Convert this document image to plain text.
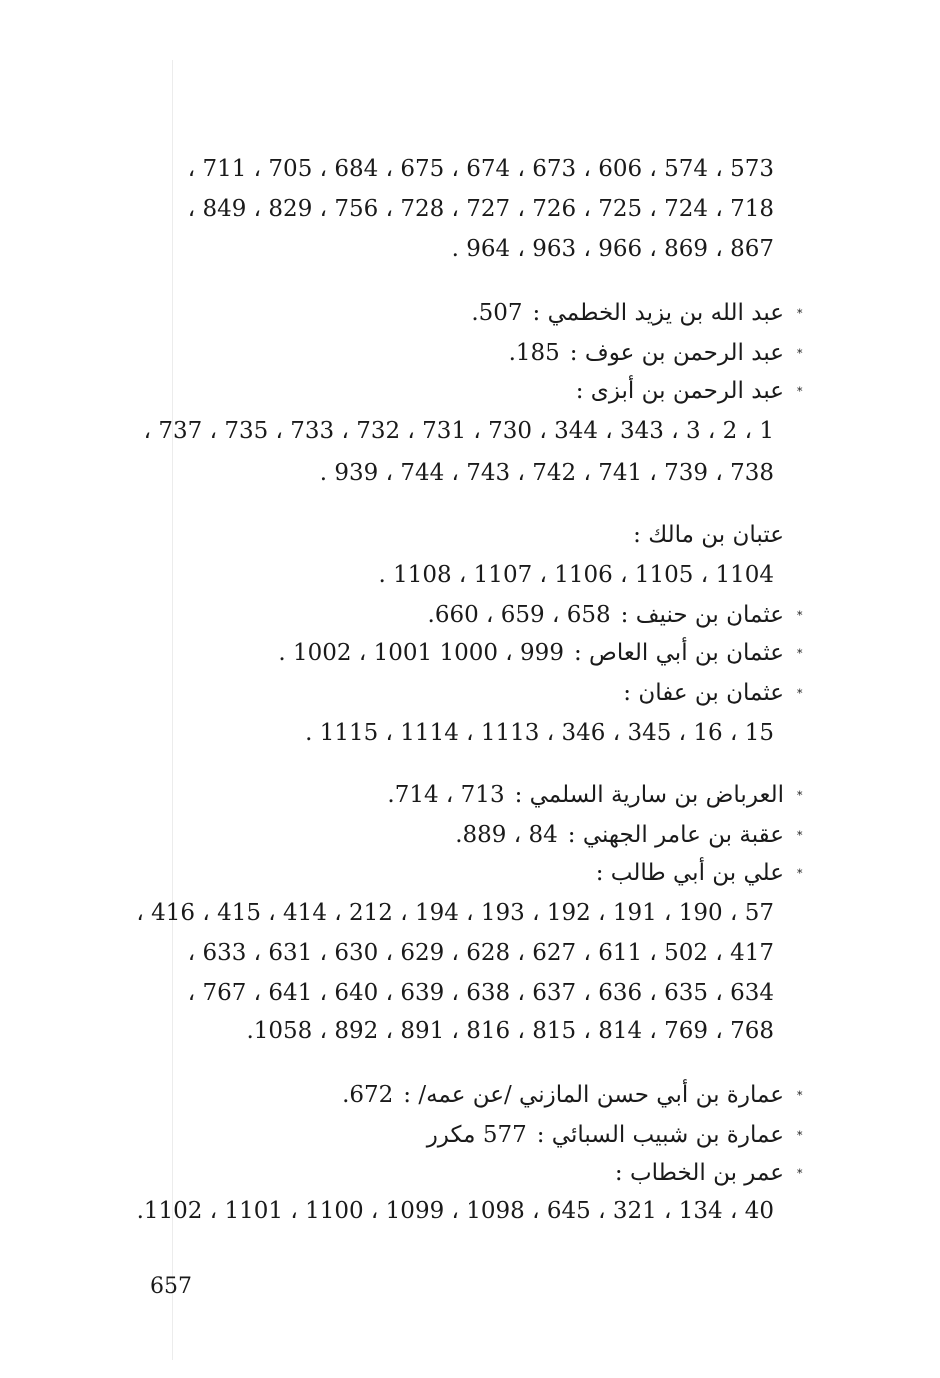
573 ، 574 ، 606 ، 673 ، 674 ، 675 ، 684 ، 705 ، 711 ،
718 ، 724 ، 725 ، 726 ، 727 ، 728 ، 756 ، 829 ، 849 ،
867 ، 869 ، 966 ، 963 ، 964 .
*عبد الله بن يزيد الخطمي :507.
*عبد الرحمن بن عوف :185.
*عبد الرحمن بن أبزى :
1 ، 2 ، 3 ، 343 ، 344 ، 730 ، 731 ، 732 ، 733 ، 735 ، 737 ،
738 ، 739 ، 741 ، 742 ، 743 ، 744 ، 939 .
عتبان بن مالك :
1104 ، 1105 ، 1106 ، 1107 ، 1108 .
*عثمان بن حنيف :658 ، 659 ، 660.
*عثمان بن أبي العاص :999 ، 1000 1001 ، 1002 .
*عثمان بن عفان :
15 ، 16 ، 345 ، 346 ، 1113 ، 1114 ، 1115 .
*العرباض بن سارية السلمي :713 ، 714.
*عقبة بن عامر الجهني :84 ، 889.
*علي بن أبي طالب :
57 ، 190 ، 191 ، 192 ، 193 ، 194 ، 212 ، 414 ، 415 ، 416 ،
417 ، 502 ، 611 ، 627 ، 628 ، 629 ، 630 ، 631 ، 633 ،
634 ، 635 ، 636 ، 637 ، 638 ، 639 ، 640 ، 641 ، 767 ،
768 ، 769 ، 814 ، 815 ، 816 ، 891 ، 892 ، 1058.
*عمارة بن أبي حسن المازني /عن عمه/ :672.
*عمارة بن شبيب السبائي :577 مكرر
*عمر بن الخطاب :
40 ، 134 ، 321 ، 645 ، 1098 ، 1099 ، 1100 ، 1101 ، 1102.
657
